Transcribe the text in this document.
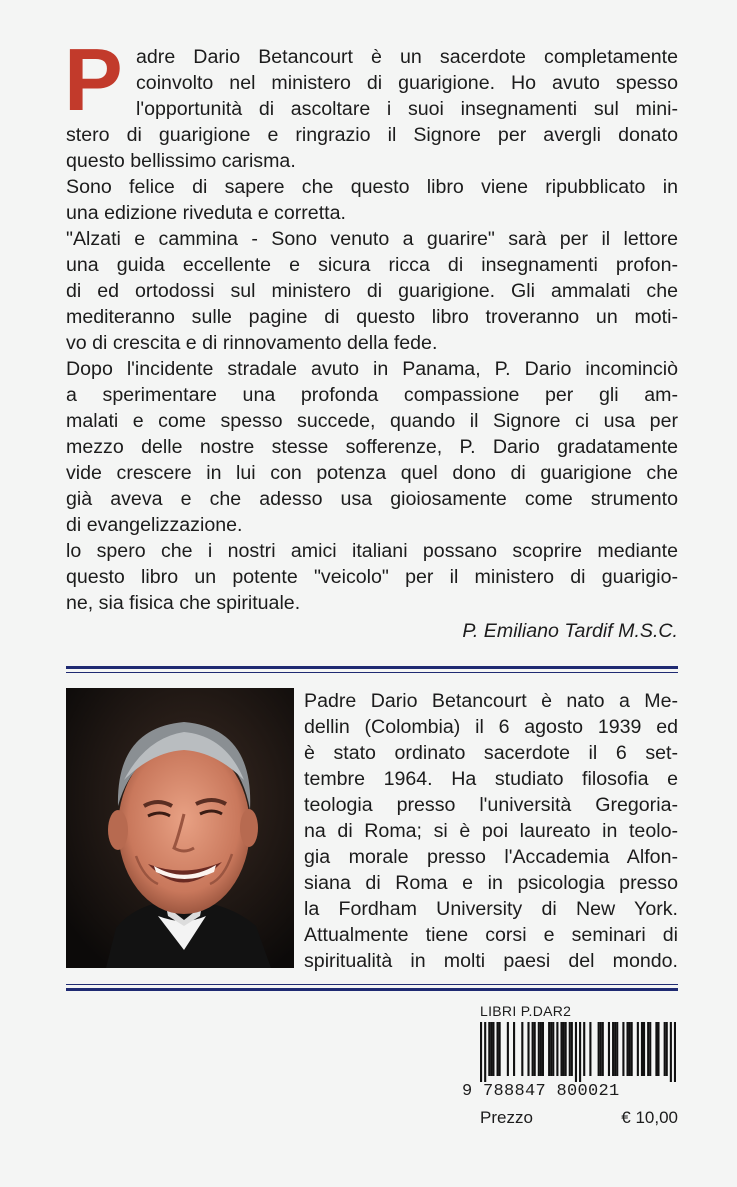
P adre Dario Betancourt è un sacerdote completamente
coinvolto nel ministero di guarigione. Ho avuto spesso
l'opportunità di ascoltare i suoi insegnamenti sul mini-
stero di guarigione e ringrazio il Signore per avergli donato
questo bellissimo carisma.
Sono felice di sapere che questo libro viene ripubblicato in
una edizione riveduta e corretta.
"Alzati e cammina - Sono venuto a guarire" sarà per il lettore
una guida eccellente e sicura ricca di insegnamenti profon-
di ed ortodossi sul ministero di guarigione. Gli ammalati che
mediteranno sulle pagine di questo libro troveranno un moti-
vo di crescita e di rinnovamento della fede.
Dopo l'incidente stradale avuto in Panama, P. Dario incominciò
a sperimentare una profonda compassione per gli am-
malati e come spesso succede, quando il Signore ci usa per
mezzo delle nostre stesse sofferenze, P. Dario gradatamente
vide crescere in lui con potenza quel dono di guarigione che
già aveva e che adesso usa gioiosamente come strumento
di evangelizzazione.
lo spero che i nostri amici italiani possano scoprire mediante
questo libro un potente "veicolo" per il ministero di guarigio-
ne, sia fisica che spirituale.
P. Emiliano Tardif M.S.C.
Padre Dario Betancourt è nato a Me-
dellin (Colombia) il 6 agosto 1939 ed
è stato ordinato sacerdote il 6 set-
tembre 1964. Ha studiato filosofia e
teologia presso l'università Gregoria-
na di Roma; si è poi laureato in teolo-
gia morale presso l'Accademia Alfon-
siana di Roma e in psicologia presso
la Fordham University di New York.
Attualmente tiene corsi e seminari di
spiritualità in molti paesi del mondo.
LIBRI P.DAR2
9 788847 800021
Prezzo	€ 10,00
